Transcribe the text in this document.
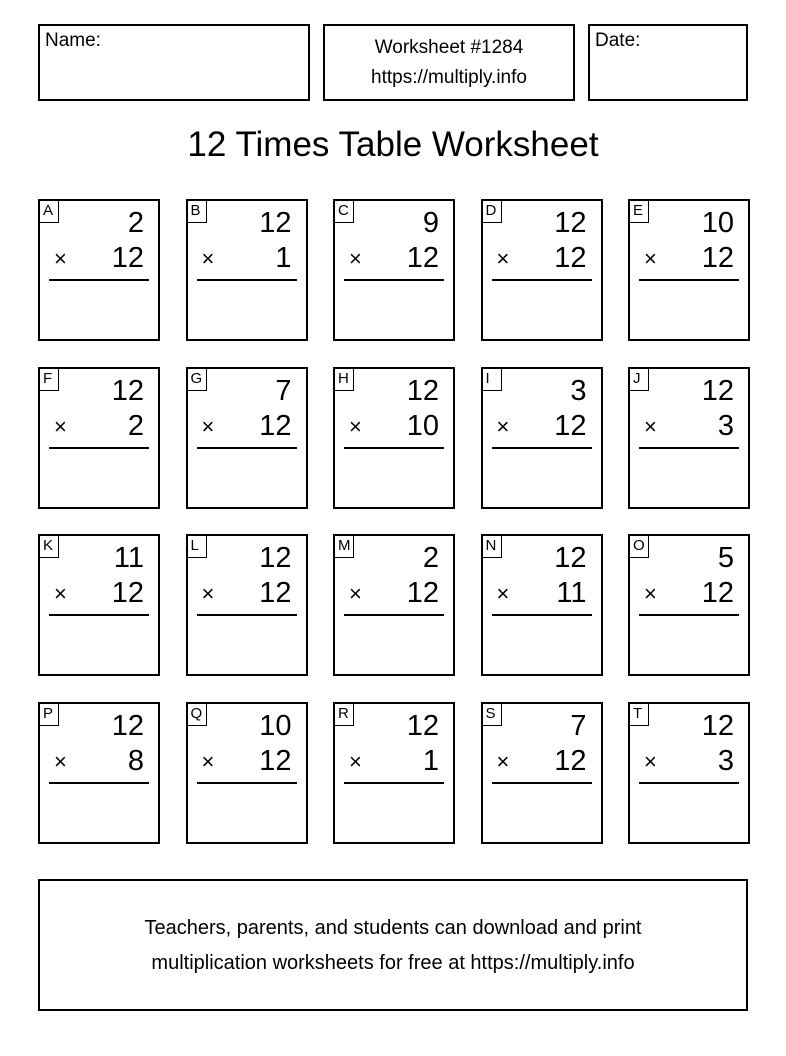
Name:	Worksheet #1284
https://multiply.info
Date:
12 Times Table Worksheet
A	2
× 12
B 12
× 1
C	9
× 12
D 12
× 12
E 10
× 12
F 12
× 2
G	7
× 12
H 12
× 10
I	3
× 12
J 12
× 3
K 11
× 12
L 12
× 12
M 2
× 12
N 12
× 11
O	5
× 12
P 12
× 8
Q 10
× 12
R 12
× 1
S	7
× 12
T 12
× 3
Teachers, parents, and students can download and print
multiplication worksheets for free at https://multiply.info
